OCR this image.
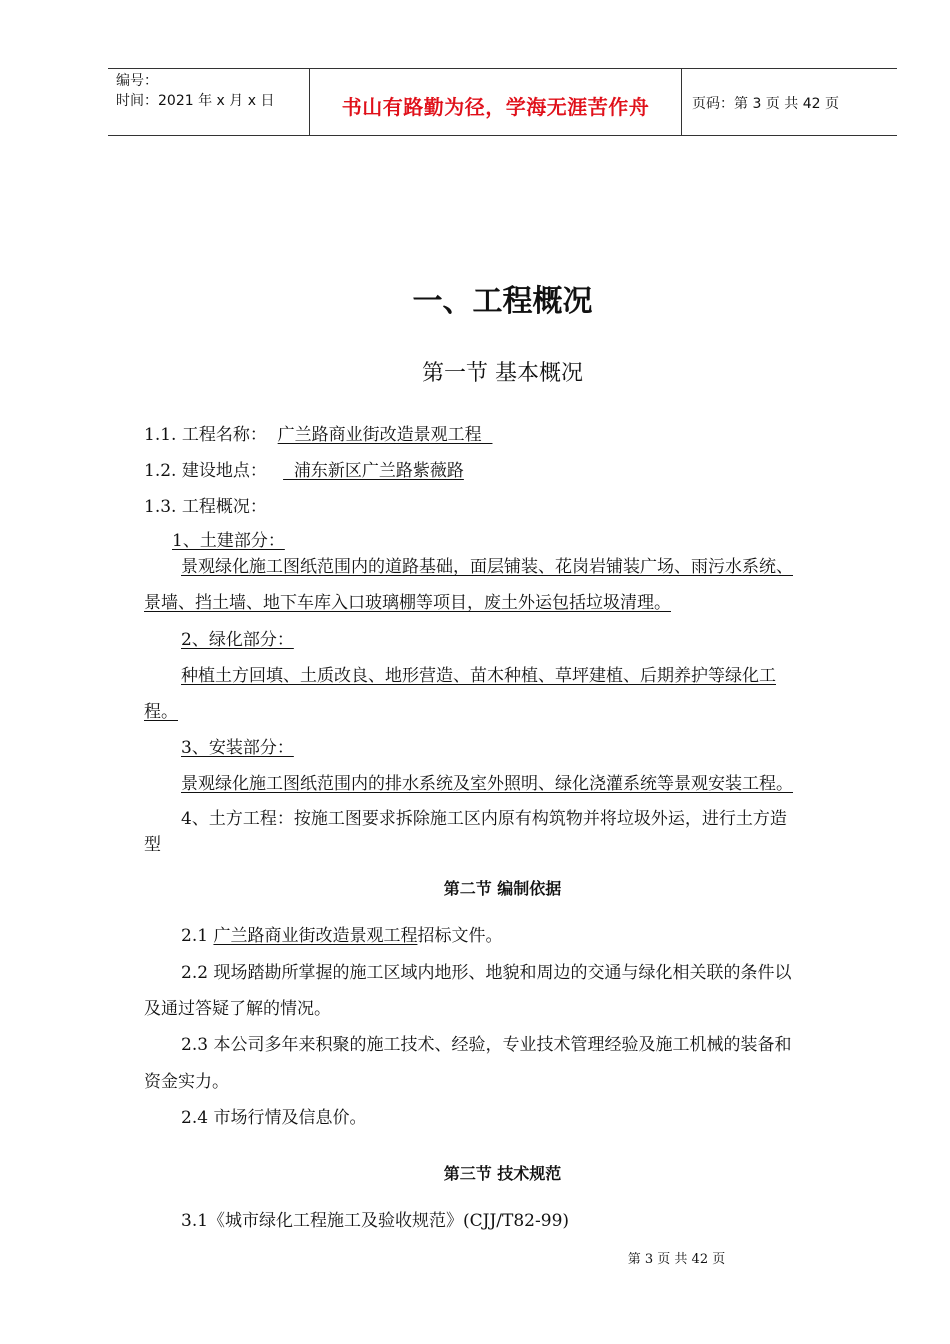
编号：
时间：2021 年 x 月 x 日	书山有路勤为径，学海无涯苦作舟	页码：第 3 页 共 42 页
一、工程概况
第一节 基本概况
1.1. 工程名称： 广兰路商业街改造景观工程
1.2. 建设地点：     浦东新区广兰路紫薇路
1.3. 工程概况：
1、土建部分：
景观绿化施工图纸范围内的道路基础，面层铺装、花岗岩铺装广场、雨污水系统、
景墙、挡土墙、地下车库入口玻璃棚等项目，废土外运包括垃圾清理。
2、绿化部分：
种植土方回填、土质改良、地形营造、苗木种植、草坪建植、后期养护等绿化工
程。
3、安装部分：
景观绿化施工图纸范围内的排水系统及室外照明、绿化浇灌系统等景观安装工程。
4、土方工程：按施工图要求拆除施工区内原有构筑物并将垃圾外运，进行土方造
型
第二节 编制依据
2.1 广兰路商业街改造景观工程招标文件。
2.2 现场踏勘所掌握的施工区域内地形、地貌和周边的交通与绿化相关联的条件以
及通过答疑了解的情况。
2.3 本公司多年来积聚的施工技术、经验，专业技术管理经验及施工机械的装备和
资金实力。
2.4 市场行情及信息价。
第三节 技术规范
3.1《城市绿化工程施工及验收规范》(CJJ/T82-99)
第 3 页 共 42 页
